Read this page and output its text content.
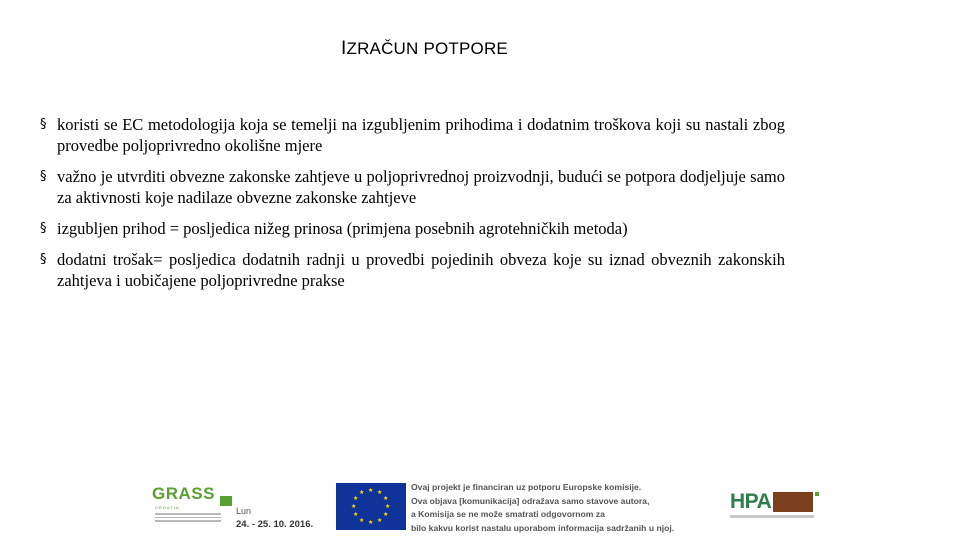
IZRAČUN POTPORE
§ koristi se EC metodologija koja se temelji na izgubljenim prihodima i dodatnim troškova koji su nastali zbog provedbe poljoprivredno okolišne mjere
§ važno je utvrditi obvezne zakonske zahtjeve u poljoprivrednoj proizvodnji, budući se potpora dodjeljuje samo za aktivnosti koje nadilaze obvezne zakonske zahtjeve
§ izgubljen prihod = posljedica nižeg prinosa (primjena posebnih agrotehničkih metoda)
§ dodatni trošak= posljedica dodatnih radnji u provedbi pojedinih obveza koje su iznad obveznih zakonskih zahtjeva i uobičajene poljoprivredne prakse
GRASS
CROATIA	Lun
24. - 25. 10. 2016.
★ ★
★
★
★
★
★
★
★
★
★
★
Ovaj projekt je financiran uz potporu Europske komisije.
Ova objava [komunikacija] odražava samo stavove autora,
a Komisija se ne može smatrati odgovornom za
bilo kakvu korist nastalu uporabom informacija sadržanih u njoj.
HPA
